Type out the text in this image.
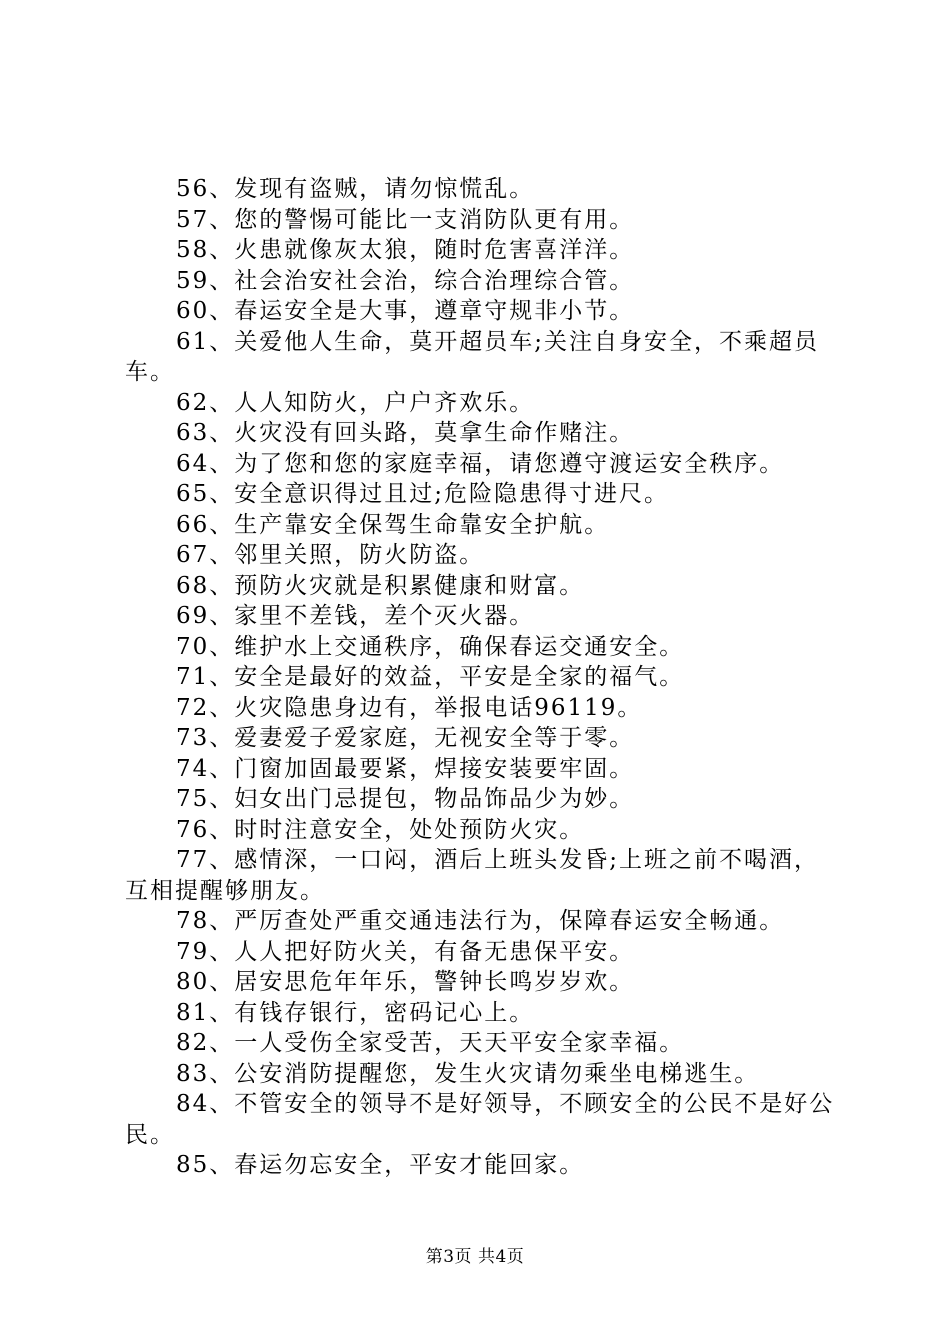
56、发现有盗贼，请勿惊慌乱。

57、您的警惕可能比一支消防队更有用。

58、火患就像灰太狼，随时危害喜洋洋。

59、社会治安社会治，综合治理综合管。

60、春运安全是大事，遵章守规非小节。

61、关爱他人生命，莫开超员车;关注自身安全，不乘超员车。

62、人人知防火，户户齐欢乐。

63、火灾没有回头路，莫拿生命作赌注。

64、为了您和您的家庭幸福，请您遵守渡运安全秩序。

65、安全意识得过且过;危险隐患得寸进尺。

66、生产靠安全保驾生命靠安全护航。

67、邻里关照，防火防盗。

68、预防火灾就是积累健康和财富。

69、家里不差钱，差个灭火器。

70、维护水上交通秩序，确保春运交通安全。

71、安全是最好的效益，平安是全家的福气。

72、火灾隐患身边有，举报电话96119。

73、爱妻爱子爱家庭，无视安全等于零。

74、门窗加固最要紧，焊接安装要牢固。

75、妇女出门忌提包，物品饰品少为妙。

76、时时注意安全，处处预防火灾。

77、感情深，一口闷，酒后上班头发昏;上班之前不喝酒，互相提醒够朋友。

78、严厉查处严重交通违法行为，保障春运安全畅通。

79、人人把好防火关，有备无患保平安。

80、居安思危年年乐，警钟长鸣岁岁欢。

81、有钱存银行，密码记心上。

82、一人受伤全家受苦，天天平安全家幸福。

83、公安消防提醒您，发生火灾请勿乘坐电梯逃生。

84、不管安全的领导不是好领导，不顾安全的公民不是好公民。

85、春运勿忘安全，平安才能回家。

第3页 共4页
